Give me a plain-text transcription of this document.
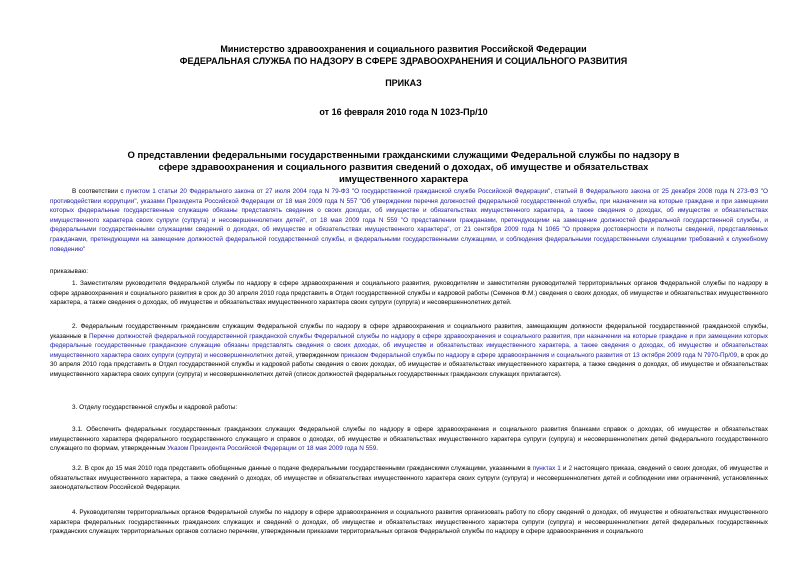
Министерство здравоохранения и социального развития Российской Федерации
ФЕДЕРАЛЬНАЯ СЛУЖБА ПО НАДЗОРУ В СФЕРЕ ЗДРАВООХРАНЕНИЯ И СОЦИАЛЬНОГО РАЗВИТИЯ
ПРИКАЗ
от 16 февраля 2010 года N 1023-Пр/10
О представлении федеральными государственными гражданскими служащими Федеральной службы по надзору в сфере здравоохранения и социального развития сведений о доходах, об имуществе и обязательствах имущественного характера
В соответствии с пунктом 1 статьи 20 Федерального закона от 27 июля 2004 года N 79-ФЗ "О государственной гражданской службе Российской Федерации", статьей 8 Федерального закона от 25 декабря 2008 года N 273-ФЗ "О противодействии коррупции", указами Президента Российской Федерации от 18 мая 2009 года N 557 "Об утверждении перечня должностей федеральной государственной службы, при назначении на которые граждане и при замещении которых федеральные государственные служащие обязаны представлять сведения о своих доходах, об имуществе и обязательствах имущественного характера, а также сведения о доходах, об имуществе и обязательствах имущественного характера своих супруги (супруга) и несовершеннолетних детей", от 18 мая 2009 года N 559 "О представлении гражданами, претендующими на замещение должностей федеральной государственной службы, и федеральными государственными служащими сведений о доходах, об имуществе и обязательствах имущественного характера", от 21 сентября 2009 года N 1065 "О проверке достоверности и полноты сведений, представляемых гражданами, претендующими на замещение должностей федеральной государственной службы, и федеральными государственными служащими, и соблюдения федеральными государственными служащими требований к служебному поведению"
приказываю:
1. Заместителям руководителя Федеральной службы по надзору в сфере здравоохранения и социального развития, руководителям и заместителям руководителей территориальных органов Федеральной службы по надзору в сфере здравоохранения и социального развития в срок до 30 апреля 2010 года представить в Отдел государственной службы и кадровой работы (Семенов Ф.М.) сведения о своих доходах, об имуществе и обязательствах имущественного характера, а также сведения о доходах, об имуществе и обязательствах имущественного характера своих супруги (супруга) и несовершеннолетних детей.
2. Федеральным государственным гражданским служащим Федеральной службы по надзору в сфере здравоохранения и социального развития, замещающим должности федеральной государственной гражданской службы, указанные в Перечне должностей федеральной государственной гражданской службы Федеральной службы по надзору в сфере здравоохранения и социального развития, при назначении на которые граждане и при замещении которых федеральные государственные гражданские служащие обязаны представлять сведения о своих доходах, об имуществе и обязательствах имущественного характера, а также сведения о доходах, об имуществе и обязательствах имущественного характера своих супруги (супруга) и несовершеннолетних детей, утвержденном приказом Федеральной службы по надзору в сфере здравоохранения и социального развития от 13 октября 2009 года N 7970-Пр/09, в срок до 30 апреля 2010 года представить в Отдел государственной службы и кадровой работы сведения о своих доходах, об имуществе и обязательствах имущественного характера, а также сведения о доходах, об имуществе и обязательствах имущественного характера своих супруги (супруга) и несовершеннолетних детей (список должностей федеральных государственных гражданских служащих прилагается).
3. Отделу государственной службы и кадровой работы:
3.1. Обеспечить федеральных государственных гражданских служащих Федеральной службы по надзору в сфере здравоохранения и социального развития бланками справок о доходах, об имуществе и обязательствах имущественного характера федерального государственного служащего и справок о доходах, об имуществе и обязательствах имущественного характера супруги (супруга) и несовершеннолетних детей федерального государственного служащего по формам, утвержденным Указом Президента Российской Федерации от 18 мая 2009 года N 559.
3.2. В срок до 15 мая 2010 года представить обобщенные данные о подаче федеральными государственными гражданскими служащими, указанными в пунктах 1 и 2 настоящего приказа, сведений о своих доходах, об имуществе и обязательствах имущественного характера, а также сведений о доходах, об имуществе и обязательствах имущественного характера своих супруги (супруга) и несовершеннолетних детей и соблюдении ими ограничений, установленных законодательством Российской Федерации.
4. Руководителям территориальных органов Федеральной службы по надзору в сфере здравоохранения и социального развития организовать работу по сбору сведений о доходах, об имуществе и обязательствах имущественного характера федеральных государственных гражданских служащих и сведений о доходах, об имуществе и обязательствах имущественного характера супруги (супруга) и несовершеннолетних детей федеральных государственных гражданских служащих территориальных органов согласно перечням, утвержденным приказами территориальных органов Федеральной службы по надзору в сфере здравоохранения и социального
